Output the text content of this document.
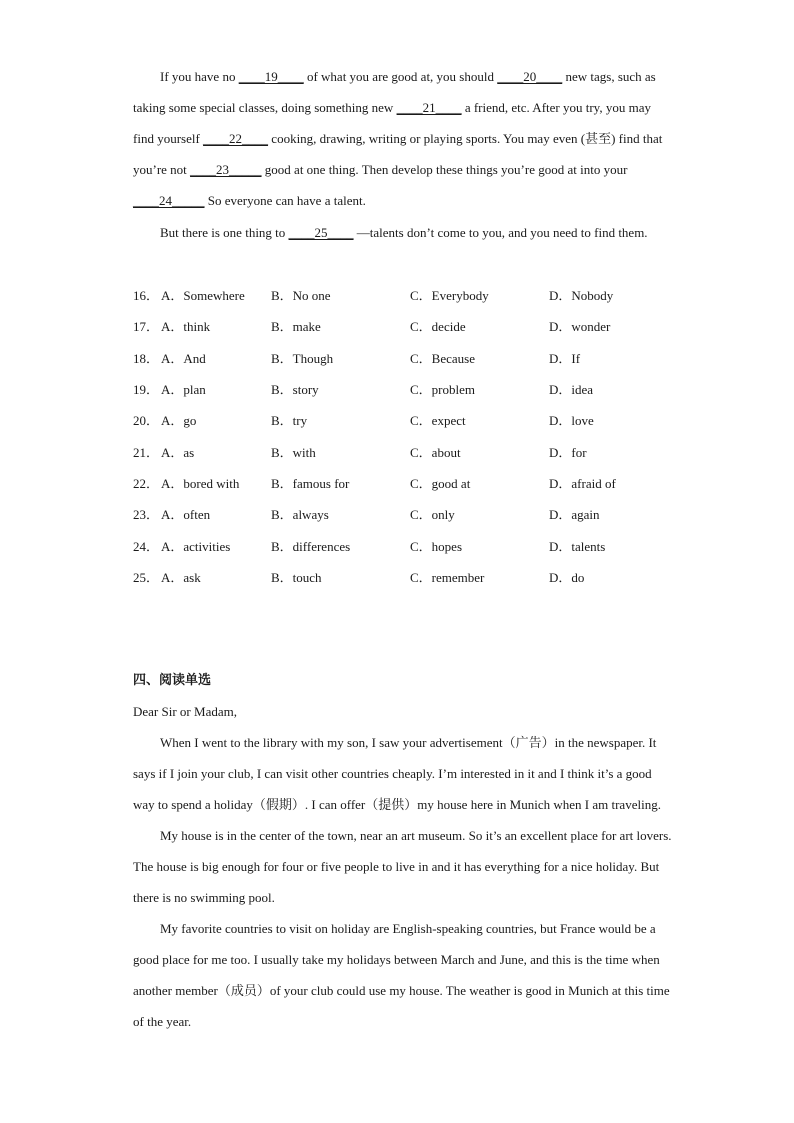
If you have no ____19____ of what you are good at, you should ____20____ new tags, such as taking some special classes, doing something new ____21____ a friend, etc. After you try, you may find yourself ____22____ cooking, drawing, writing or playing sports. You may even (甚至) find that you’re not ____23_____ good at one thing. Then develop these things you’re good at into your ____24_____ So everyone can have a talent.
But there is one thing to ____25____ —talents don’t come to you, and you need to find them.
16． A．Somewhere	B．No one	C．Everybody	D．Nobody
17． A．think	B．make	C．decide	D．wonder
18． A．And	B．Though	C．Because	D．If
19． A．plan	B．story	C．problem	D．idea
20． A．go	B．try	C．expect	D．love
21． A．as	B．with	C．about	D．for
22． A．bored with	B．famous for	C．good at	D．afraid of
23． A．often	B．always	C．only	D．again
24． A．activities	B．differences	C．hopes	D．talents
25． A．ask	B．touch	C．remember	D．do
四、阅读单选

Dear Sir or Madam,

When I went to the library with my son, I saw your advertisement（广告）in the newspaper. It says if I join your club, I can visit other countries cheaply. I’m interested in it and I think it’s a good way to spend a holiday（假期）. I can offer（提供）my house here in Munich when I am traveling.

My house is in the center of the town, near an art museum. So it’s an excellent place for art lovers. The house is big enough for four or five people to live in and it has everything for a nice holiday. But there is no swimming pool.

My favorite countries to visit on holiday are English-speaking countries, but France would be a good place for me too. I usually take my holidays between March and June, and this is the time when another member（成员）of your club could use my house. The weather is good in Munich at this time of the year.
